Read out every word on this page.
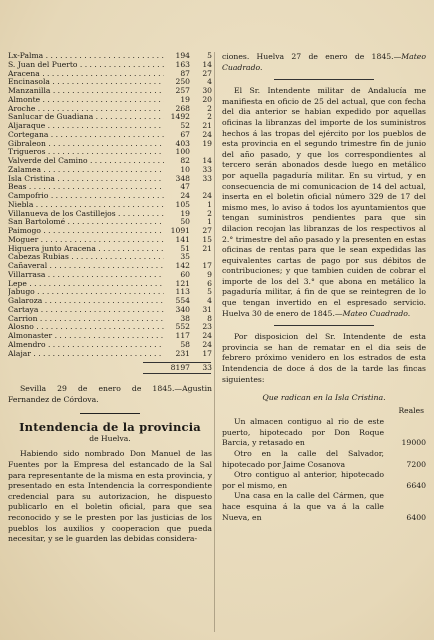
Lx-Palma . . .	194	5
S. Juan del Puerto . . .	163	14
Aracena . . .	87	27
Encinasola . . .	250	4
Manzanilla . . .	257	30
Almonte . . .	19	20
Aroche . . .	268	2
Sanlucar de Guadiana . . .	1492	2
Aljaraque . . .	52	21
Cortegana . . .	67	24
Gibraleon . . .	403	19
Trigueros . . .	100
Valverde del Camino . . .	82	14
Zalamea . . .	10	33
Isla Cristina . . .	348	33
Beas . . .	47
Campofrio . . .	24	24
Niebla . . .	105	1
Villanueva de los Castillejos . . .	19	2
San Bartolomé . . .	50	1
Paimogo . . .	1091	27
Moguer . . .	141	15
Higuera junto Aracena . . .	51	21
Cabezas Rubias . . .	35
Cañaveral . . .	142	17
Villarrasa . . .	60	9
Lepe . . .	121	6
Jabugo . . .	113	5
Galaroza . . .	554	4
Cartaya . . .	340	31
Carrion . . .	38	8
Alosno . . .	552	23
Almonaster . . .	117	24
Almendro . . .	58	24
Alajar . . .	231	17
8197	33

Sevilla 29 de enero de 1845.—Agustin Fernandez de Córdova.

Intendencia de la provincia
de Huelva.

Habiendo sido nombrado Don Manuel de las Fuentes por la Empresa del estancado de la Sal para representante de la misma en esta provincia, y presentado en esta Intendencia la correspondiente credencial para su autorizacion, he dispuesto publicarlo en el boletin oficial, para que sea reconocido y se le presten por las justicias de los pueblos los auxilios y cooperacion que pueda necesitar, y se le guarden las debidas considera-

ciones. Huelva 27 de enero de 1845.—Mateo Cuadrado.

El Sr. Intendente militar de Andalucía me manifiesta en oficio de 25 del actual, que con fecha del dia anterior se habian expedido por aquellas oficinas la libranzas del importe de los suministros hechos á las tropas del ejército por los pueblos de esta provincia en el segundo trimestre fin de junio del año pasado, y que los correspondientes al tercero serán abonados desde luego en metálico por aquella pagaduría militar. En su virtud, y en consecuencia de mi comunicacion de 14 del actual, inserta en el boletin oficial número 329 de 17 del mismo mes, lo aviso á todos los ayuntamientos que tengan suministros pendientes para que sin dilacion recojan las libranzas de los respectivos al 2.° trimestre del año pasado y la presenten en estas oficinas de rentas para que le sean expedidas las equivalentes cartas de pago por sus débitos de contribuciones; y que tambien cuiden de cobrar el importe de los del 3.° que abona en metálico la pagaduría militar, á fin de que se reintegren de lo que tengan invertido en el espresado servicio. Huelva 30 de enero de 1845.—Mateo Cuadrado.

Por disposicion del Sr. Intendente de esta provincia se han de rematar en el dia seis de febrero próximo venidero en los estrados de esta Intendencia de doce á dos de la tarde las fincas siguientes:

Que radican en la Isla Cristina.
Reales
Un almacen contiguo al rio de este puerto, hipotecado por Don Roque Barcia, y retasado en	19000
Otro en la calle del Salvador, hipotecado por Jaime Cosanova	7200
Otro contiguo al anterior, hipotecado por el mismo, en	6640
Una casa en la calle del Cármen, que hace esquina á la que va á la calle Nueva, en	6400
